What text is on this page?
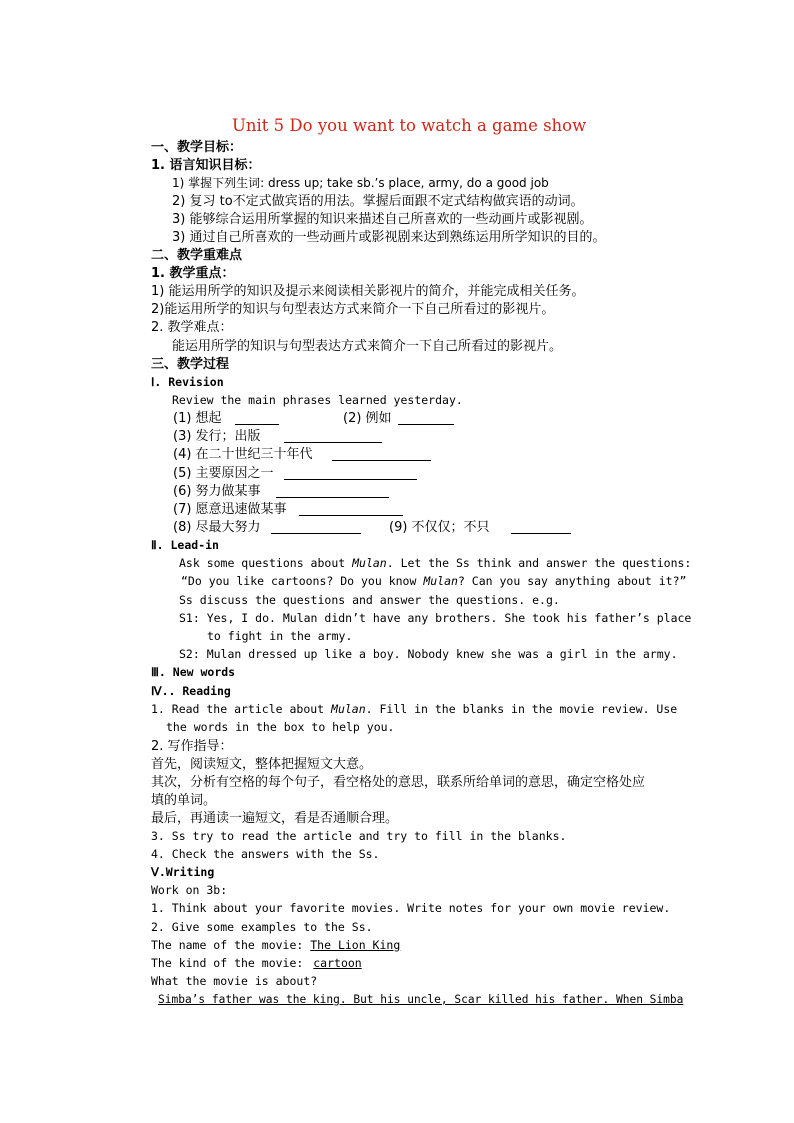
Unit 5 Do you want to watch a game show
一、教学目标：
1. 语言知识目标：
1) 掌握下列生词: dress up; take sb.’s place, army, do a good job
2) 复习 to不定式做宾语的用法。掌握后面跟不定式结构做宾语的动词。
3) 能够综合运用所掌握的知识来描述自己所喜欢的一些动画片或影视剧。
3) 通过自己所喜欢的一些动画片或影视剧来达到熟练运用所学知识的目的。
二、教学重难点
1. 教学重点：
1) 能运用所学的知识及提示来阅读相关影视片的简介，并能完成相关任务。
2)能运用所学的知识与句型表达方式来简介一下自己所看过的影视片。
2. 教学难点：
能运用所学的知识与句型表达方式来简介一下自己所看过的影视片。
三、教学过程
Ⅰ. Revision
Review the main phrases learned yesterday.
(1) 想起	(2) 例如
(3) 发行；出版
(4) 在二十世纪三十年代
(5) 主要原因之一
(6) 努力做某事
(7) 愿意迅速做某事
(8) 尽最大努力	(9) 不仅仅；不只
Ⅱ. Lead-in
Ask some questions about Mulan. Let the Ss think and answer the questions:
“Do you like cartoons? Do you know Mulan? Can you say anything about it?”
Ss discuss the questions and answer the questions. e.g.
S1: Yes, I do. Mulan didn’t have any brothers. She took his father’s place
to fight in the army.
S2: Mulan dressed up like a boy. Nobody knew she was a girl in the army.
Ⅲ. New words
Ⅳ.. Reading
1. Read the article about Mulan. Fill in the blanks in the movie review. Use
the words in the box to help you.
2. 写作指导：
首先，阅读短文，整体把握短文大意。
其次，分析有空格的每个句子，看空格处的意思，联系所给单词的意思，确定空格处应
填的单词。
最后，再通读一遍短文，看是否通顺合理。
3. Ss try to read the article and try to fill in the blanks.
4. Check the answers with the Ss.
Ⅴ.Writing
Work on 3b:
1. Think about your favorite movies. Write notes for your own movie review.
2. Give some examples to the Ss.
The name of the movie: The Lion King
The kind of the movie: cartoon
What the movie is about?
Simba’s father was the king. But his uncle, Scar killed his father. When Simba
